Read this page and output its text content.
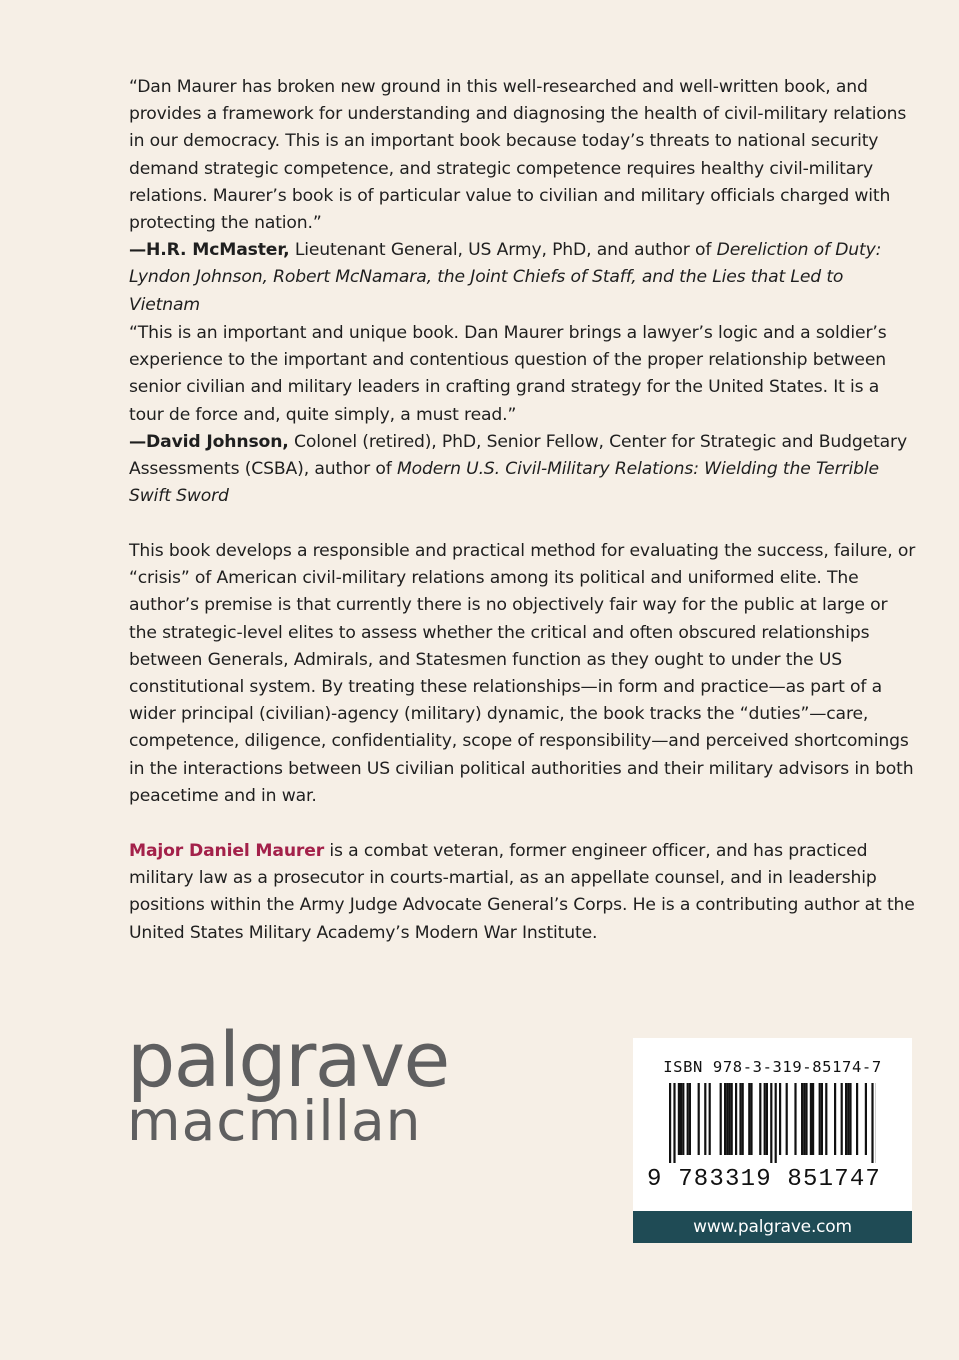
“Dan Maurer has broken new ground in this well-researched and well-written book, and provides a framework for understanding and diagnosing the health of civil-military relations in our democracy. This is an important book because today’s threats to national security demand strategic competence, and strategic competence requires healthy civil-military relations. Maurer’s book is of particular value to civilian and military officials charged with protecting the nation.”

—H.R. McMaster, Lieutenant General, US Army, PhD, and author of Dereliction of Duty: Lyndon Johnson, Robert McNamara, the Joint Chiefs of Staff, and the Lies that Led to Vietnam

“This is an important and unique book. Dan Maurer brings a lawyer’s logic and a soldier’s experience to the important and contentious question of the proper relationship between senior civilian and military leaders in crafting grand strategy for the United States. It is a tour de force and, quite simply, a must read.”

—David Johnson, Colonel (retired), PhD, Senior Fellow, Center for Strategic and Budgetary Assessments (CSBA), author of Modern U.S. Civil-Military Relations: Wielding the Terrible Swift Sword

This book develops a responsible and practical method for evaluating the success, failure, or “crisis” of American civil-military relations among its political and uniformed elite. The author’s premise is that currently there is no objectively fair way for the public at large or the strategic-level elites to assess whether the critical and often obscured relationships between Generals, Admirals, and Statesmen function as they ought to under the US constitutional system. By treating these relationships—in form and practice—as part of a wider principal (civilian)-agency (military) dynamic, the book tracks the “duties”—care, competence, diligence, confidentiality, scope of responsibility—and perceived shortcomings in the interactions between US civilian political authorities and their military advisors in both peacetime and in war.

Major Daniel Maurer is a combat veteran, former engineer officer, and has practiced military law as a prosecutor in courts-martial, as an appellate counsel, and in leadership positions within the Army Judge Advocate General’s Corps. He is a contributing author at the United States Military Academy’s Modern War Institute.

palgrave
macmillan
ISBN 978-3-319-85174-7
9 783319 851747
www.palgrave.com
